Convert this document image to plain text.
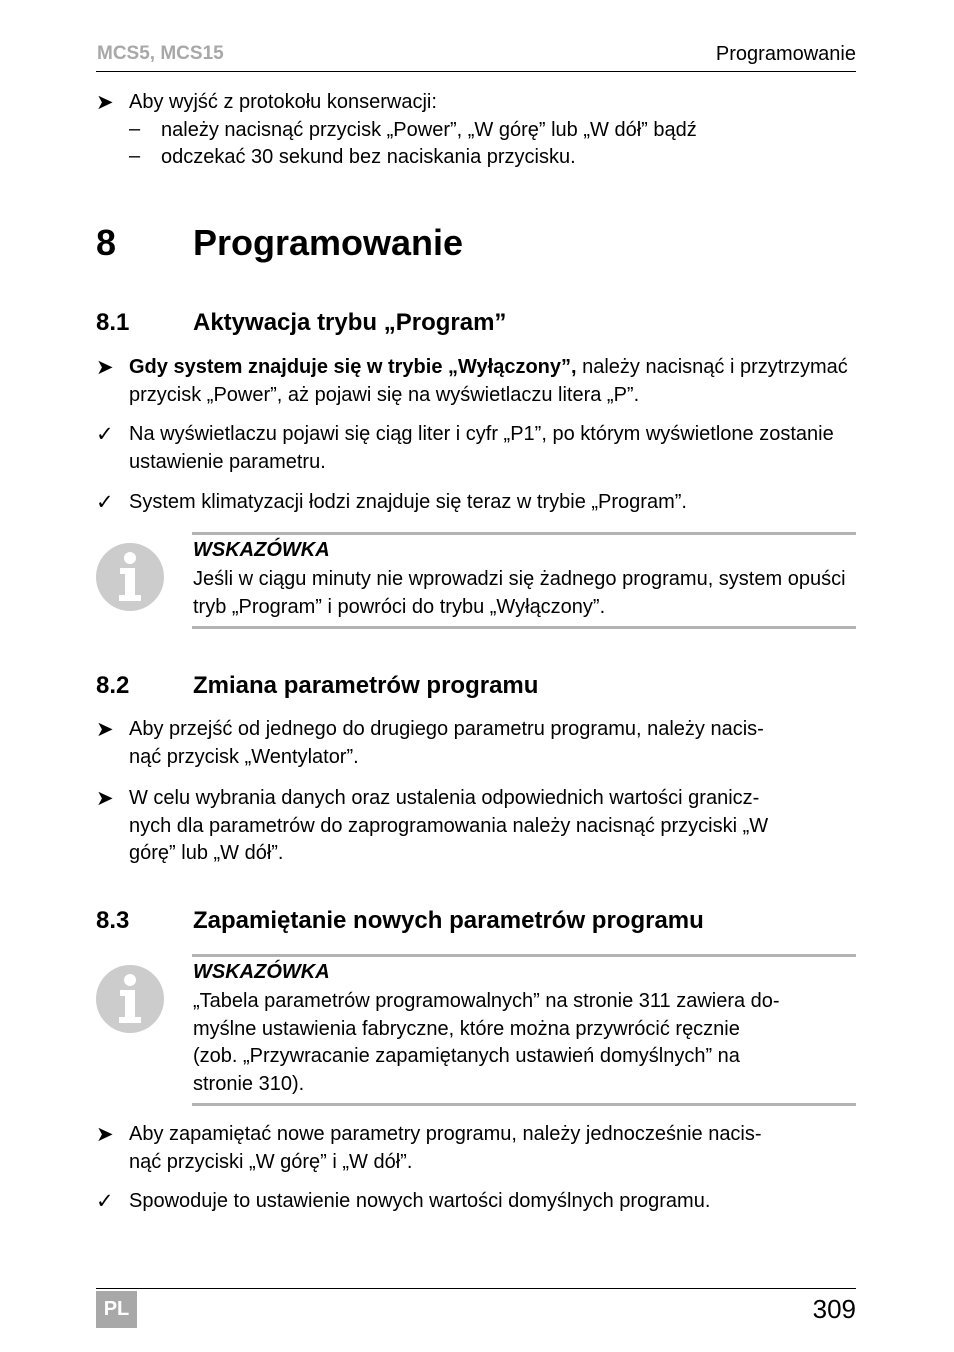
MCS5, MCS15	Programowanie
➤ Aby wyjść z protokołu konserwacji:
– należy nacisnąć przycisk „Power”, „W górę” lub „W dół” bądź
– odczekać 30 sekund bez naciskania przycisku.
8 Programowanie
8.1	Aktywacja trybu „Program”
➤ Gdy system znajduje się w trybie „Wyłączony”, należy nacisnąć i przytrzymać przycisk „Power”, aż pojawi się na wyświetlaczu litera „P”.
✓ Na wyświetlaczu pojawi się ciąg liter i cyfr „P1”, po którym wyświetlone zostanie ustawienie parametru.
✓ System klimatyzacji łodzi znajduje się teraz w trybie „Program”.
WSKAZÓWKA
Jeśli w ciągu minuty nie wprowadzi się żadnego programu, system opuści tryb „Program” i powróci do trybu „Wyłączony”.
8.2	Zmiana parametrów programu
➤ Aby przejść od jednego do drugiego parametru programu, należy nacis-
nąć przycisk „Wentylator”.
➤ W celu wybrania danych oraz ustalenia odpowiednich wartości granicz-
nych dla parametrów do zaprogramowania należy nacisnąć przyciski „W
górę” lub „W dół”.
8.3	Zapamiętanie nowych parametrów programu
WSKAZÓWKA
„Tabela parametrów programowalnych” na stronie 311 zawiera do-
myślne ustawienia fabryczne, które można przywrócić ręcznie
(zob. „Przywracanie zapamiętanych ustawień domyślnych” na
stronie 310).
➤ Aby zapamiętać nowe parametry programu, należy jednocześnie nacis-
nąć przyciski „W górę” i „W dół”.
✓ Spowoduje to ustawienie nowych wartości domyślnych programu.
PL	309
